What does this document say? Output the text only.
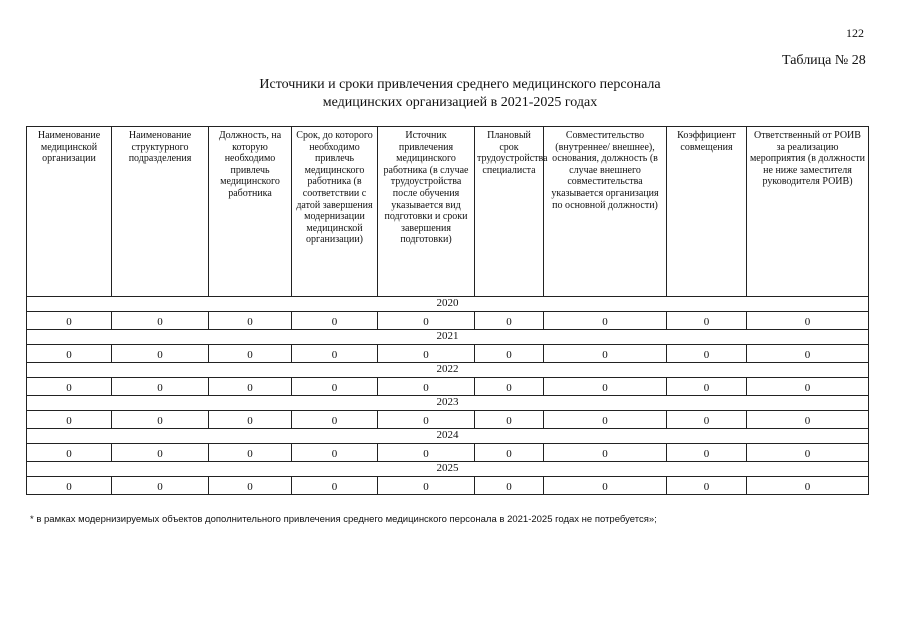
122
Таблица № 28
Источники и сроки привлечения среднего медицинского персонала
медицинских организацией в 2021-2025 годах
Наименование медицинской организации	Наименование структурного подразделения	Должность, на которую необходимо привлечь медицинского работника	Срок, до которого необходимо привлечь медицинского работника (в соответствии с датой завершения модернизации медицинской организации)	Источник привлечения медицинского работника (в случае трудоустройства после обучения указывается вид подготовки и сроки завершения подготовки)	Плановый срок трудоустройства специалиста	Совместительство (внутреннее/ внешнее), основания, должность (в случае внешнего совместительства указывается организация по основной должности)	Коэффициент совмещения	Ответственный от РОИВ за реализацию мероприятия (в должности не ниже заместителя руководителя РОИВ)
2020								
0	0	0	0	0	0	0	0	0
2021								
0	0	0	0	0	0	0	0	0
2022								
0	0	0	0	0	0	0	0	0
2023								
0	0	0	0	0	0	0	0	0
2024								
0	0	0	0	0	0	0	0	0
2025								
0	0	0	0	0	0	0	0	0
* в рамках модернизируемых объектов дополнительного привлечения среднего медицинского персонала в 2021-2025 годах не потребуется»;
